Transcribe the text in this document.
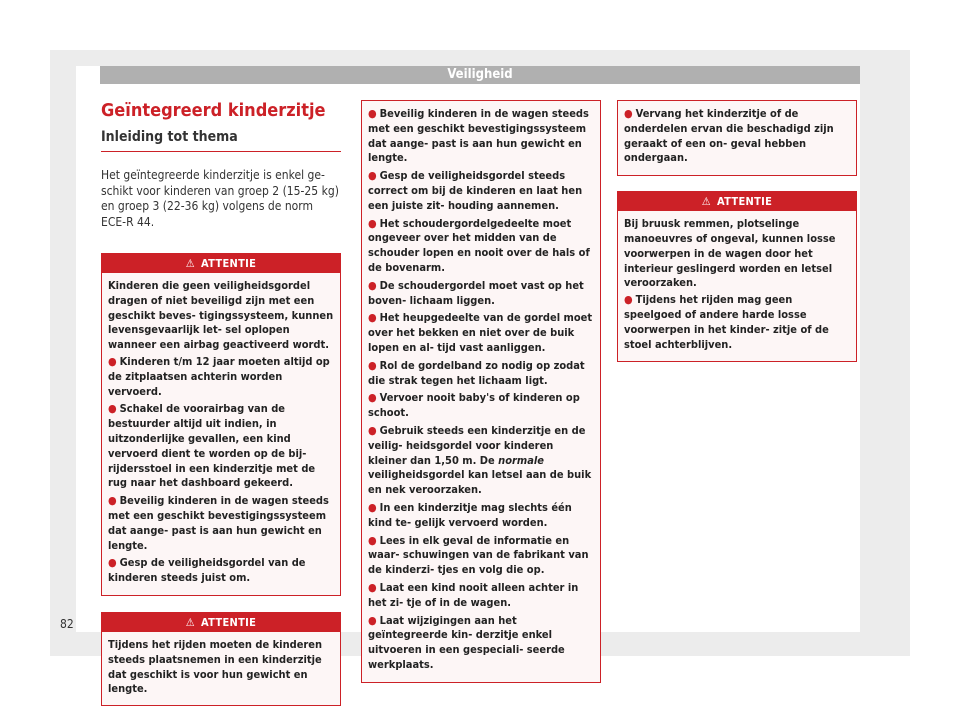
Veiligheid
Geïntegreerd kinderzitje
Inleiding tot thema
Het geïntegreerde kinderzitje is enkel ge- schikt voor kinderen van groep 2 (15-25 kg) en groep 3 (22-36 kg) volgens de norm ECE-R 44.
⚠ ATTENTIE

Kinderen die geen veiligheidsgordel dragen of niet beveiligd zijn met een geschikt beves- tigingssysteem, kunnen levensgevaarlijk let- sel oplopen wanneer een airbag geactiveerd wordt.

● Kinderen t/m 12 jaar moeten altijd op de zitplaatsen achterin worden vervoerd.
● Schakel de voorairbag van de bestuurder altijd uit indien, in uitzonderlijke gevallen, een kind vervoerd dient te worden op de bij- rijdersstoel in een kinderzitje met de rug naar het dashboard gekeerd.
● Beveilig kinderen in de wagen steeds met een geschikt bevestigingssysteem dat aange- past is aan hun gewicht en lengte.
● Gesp de veiligheidsgordel van de kinderen steeds juist om.
⚠ ATTENTIE

Tijdens het rijden moeten de kinderen steeds plaatsnemen in een kinderzitje dat geschikt is voor hun gewicht en lengte.

● Beveilig kinderen in de wagen steeds met een geschikt bevestigingssysteem dat aange- past is aan hun gewicht en lengte.
● Gesp de veiligheidsgordel steeds correct om bij de kinderen en laat hen een juiste zit- houding aannemen.
● Het schoudergordelgedeelte moet ongeveer over het midden van de schouder lopen en nooit over de hals of de bovenarm.
● De schoudergordel moet vast op het boven- lichaam liggen.
● Het heupgedeelte van de gordel moet over het bekken en niet over de buik lopen en al- tijd vast aanliggen.
● Rol de gordelband zo nodig op zodat die strak tegen het lichaam ligt.
● Vervoer nooit baby's of kinderen op schoot.
● Gebruik steeds een kinderzitje en de veilig- heidsgordel voor kinderen kleiner dan 1,50 m. De normale veiligheidsgordel kan letsel aan de buik en nek veroorzaken.
● In een kinderzitje mag slechts één kind te- gelijk vervoerd worden.
● Lees in elk geval de informatie en waar- schuwingen van de fabrikant van de kinderzi- tjes en volg die op.
● Laat een kind nooit alleen achter in het zi- tje of in de wagen.
● Laat wijzigingen aan het geïntegreerde kin- derzitje enkel uitvoeren in een gespeciali- seerde werkplaats.
● Vervang het kinderzitje of de onderdelen ervan die beschadigd zijn geraakt of een on- geval hebben ondergaan.
⚠ ATTENTIE

Bij bruusk remmen, plotselinge manoeuvres of ongeval, kunnen losse voorwerpen in de wagen door het interieur geslingerd worden en letsel veroorzaken.

● Tijdens het rijden mag geen speelgoed of andere harde losse voorwerpen in het kinder- zitje of de stoel achterblijven.
82
